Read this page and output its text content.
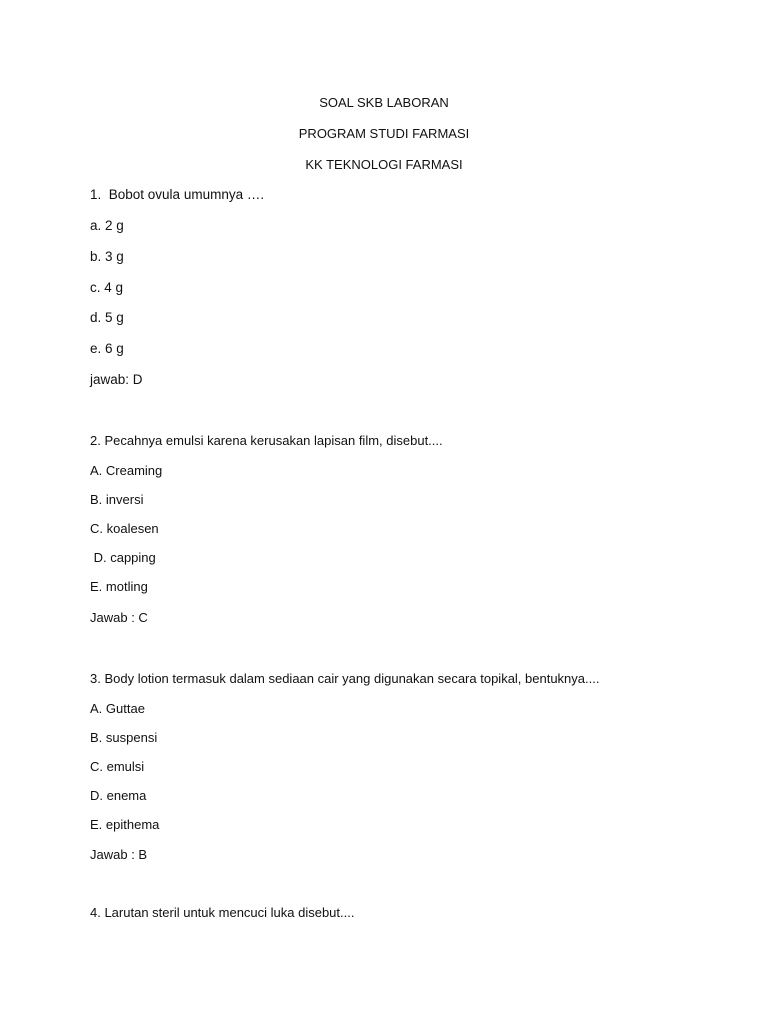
SOAL SKB LABORAN
PROGRAM STUDI FARMASI
KK TEKNOLOGI FARMASI
1.  Bobot ovula umumnya ….
a. 2 g
b. 3 g
c. 4 g
d. 5 g
e. 6 g
jawab: D
2. Pecahnya emulsi karena kerusakan lapisan film, disebut....
A. Creaming
B. inversi
C. koalesen
D. capping
E. motling
Jawab : C
3. Body lotion termasuk dalam sediaan cair yang digunakan secara topikal, bentuknya....
A. Guttae
B. suspensi
C. emulsi
D. enema
E. epithema
Jawab : B
4. Larutan steril untuk mencuci luka disebut....
